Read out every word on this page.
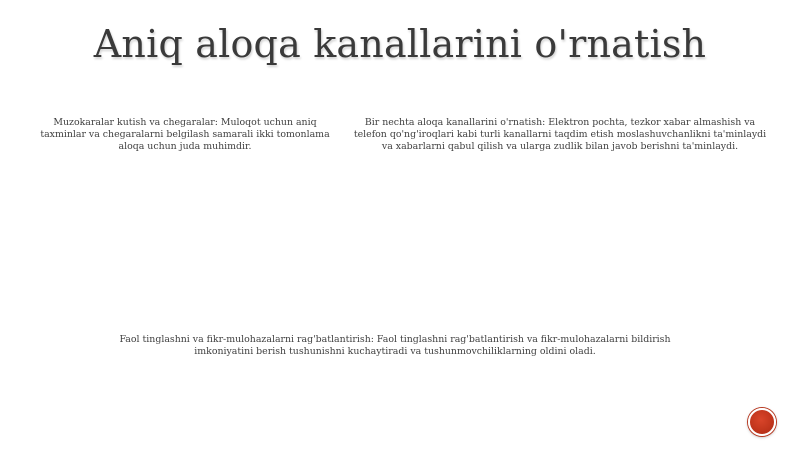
Aniq aloqa kanallarini o'rnatish

Muzokaralar kutish va chegaralar: Muloqot uchun aniq taxminlar va chegaralarni belgilash samarali ikki tomonlama aloqa uchun juda muhimdir.

Bir nechta aloqa kanallarini o'rnatish: Elektron pochta, tezkor xabar almashish va telefon qo'ng'iroqlari kabi turli kanallarni taqdim etish moslashuvchanlikni ta'minlaydi va xabarlarni qabul qilish va ularga zudlik bilan javob berishni ta'minlaydi.

Faol tinglashni va fikr-mulohazalarni rag'batlantirish: Faol tinglashni rag'batlantirish va fikr-mulohazalarni bildirish imkoniyatini berish tushunishni kuchaytiradi va tushunmovchiliklarning oldini oladi.
